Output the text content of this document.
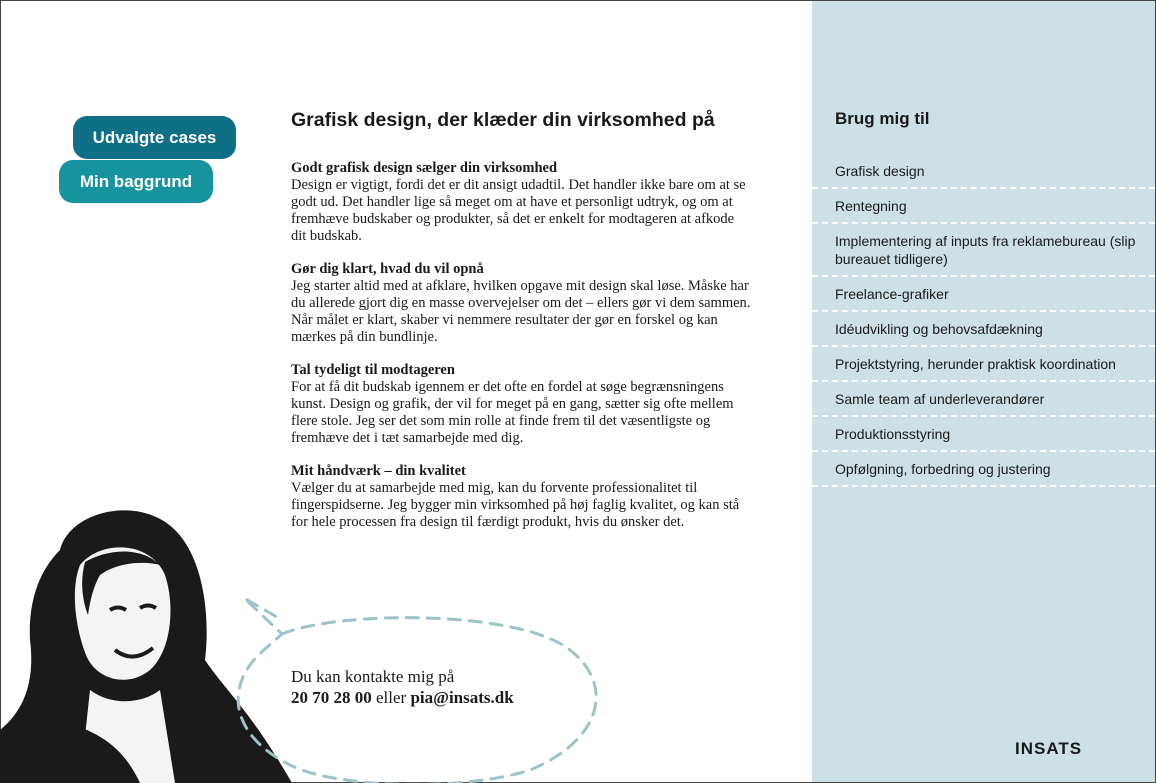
Udvalgte cases
Min baggrund
Grafisk design, der klæder din virksomhed på
Godt grafisk design sælger din virksomhed

Design er vigtigt, fordi det er dit ansigt udadtil. Det handler ikke bare om at se godt ud. Det handler lige så meget om at have et personligt udtryk, og om at fremhæve budskaber og produkter, så det er enkelt for modtageren at afkode dit budskab.

Gør dig klart, hvad du vil opnå

Jeg starter altid med at afklare, hvilken opgave mit design skal løse. Måske har du allerede gjort dig en masse overvejelser om det – ellers gør vi dem sammen. Når målet er klart, skaber vi nemmere resultater der gør en forskel og kan mærkes på din bundlinje.

Tal tydeligt til modtageren

For at få dit budskab igennem er det ofte en fordel at søge begrænsningens kunst. Design og grafik, der vil for meget på en gang, sætter sig ofte mellem flere stole. Jeg ser det som min rolle at finde frem til det væsentligste og fremhæve det i tæt samarbejde med dig.

Mit håndværk – din kvalitet

Vælger du at samarbejde med mig, kan du forvente professionalitet til fingerspidserne. Jeg bygger min virksomhed på høj faglig kvalitet, og kan stå for hele processen fra design til færdigt produkt, hvis du ønsker det.

Du kan kontakte mig på
20 70 28 00 eller pia@insats.dk
Brug mig til
Grafisk design
Rentegning
Implementering af inputs fra reklamebureau (slip bureauet tidligere)
Freelance-grafiker
Idéudvikling og behovsafdækning
Projektstyring, herunder praktisk koordination
Samle team af underleverandører
Produktionsstyring
Opfølgning, forbedring og justering
INSATS
